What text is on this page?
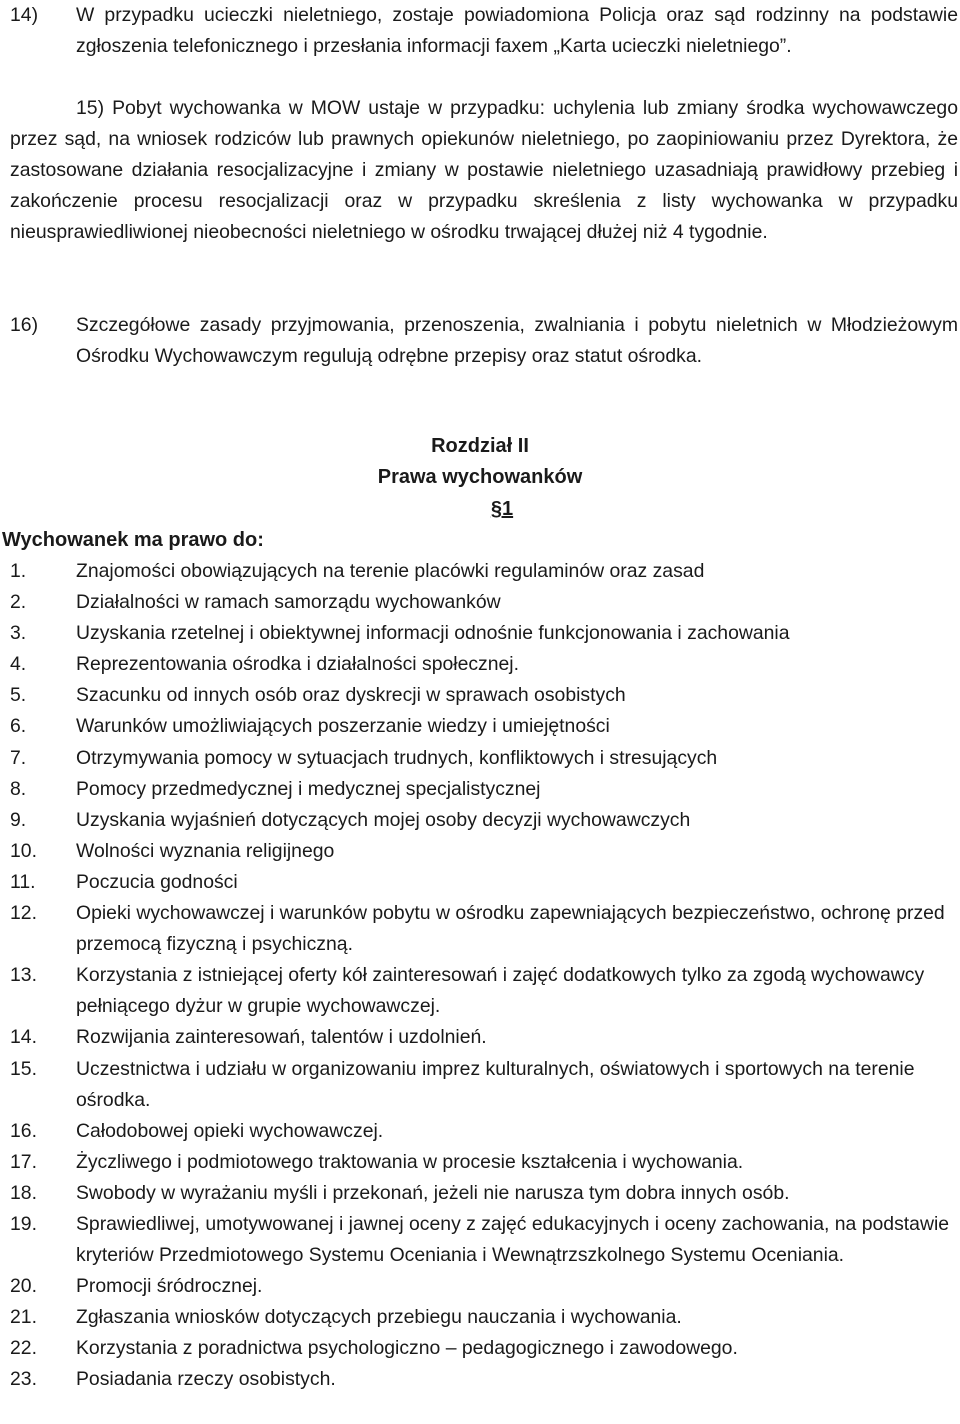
14)	W przypadku ucieczki nieletniego, zostaje powiadomiona Policja oraz sąd rodzinny na podstawie zgłoszenia telefonicznego i przesłania informacji faxem „Karta ucieczki nieletniego”.
15) Pobyt wychowanka w MOW ustaje w przypadku: uchylenia lub zmiany środka wychowawczego przez sąd, na wniosek rodziców lub prawnych opiekunów nieletniego, po zaopiniowaniu przez Dyrektora, że zastosowane działania resocjalizacyjne i zmiany w postawie nieletniego uzasadniają prawidłowy przebieg i zakończenie procesu resocjalizacji oraz w przypadku skreślenia z listy wychowanka w przypadku nieusprawiedliwionej nieobecności nieletniego w ośrodku trwającej dłużej niż 4 tygodnie.
16)	Szczegółowe zasady przyjmowania, przenoszenia, zwalniania i pobytu nieletnich w Młodzieżowym Ośrodku Wychowawczym regulują odrębne przepisy oraz statut ośrodka.
Rozdział II
Prawa wychowanków
§1
Wychowanek ma prawo do:
1.	Znajomości obowiązujących na terenie placówki regulaminów oraz zasad
2.	Działalności w ramach samorządu wychowanków
3.	Uzyskania rzetelnej i obiektywnej informacji odnośnie funkcjonowania i zachowania
4.	Reprezentowania ośrodka i działalności społecznej.
5.	Szacunku od innych osób oraz dyskrecji w sprawach osobistych
6.	Warunków umożliwiających poszerzanie wiedzy i umiejętności
7.	Otrzymywania pomocy w sytuacjach trudnych, konfliktowych i stresujących
8.	Pomocy przedmedycznej i medycznej specjalistycznej
9.	Uzyskania wyjaśnień dotyczących mojej osoby decyzji wychowawczych
10. Wolności wyznania religijnego
11. Poczucia godności
12. Opieki wychowawczej i warunków pobytu w ośrodku zapewniających bezpieczeństwo, ochronę przed przemocą fizyczną i psychiczną.
13. Korzystania z istniejącej oferty kół zainteresowań i zajęć dodatkowych tylko za zgodą wychowawcy pełniącego dyżur w grupie wychowawczej.
14. Rozwijania zainteresowań, talentów i uzdolnień.
15. Uczestnictwa i udziału w organizowaniu imprez kulturalnych, oświatowych i sportowych na terenie ośrodka.
16. Całodobowej opieki wychowawczej.
17. Życzliwego i podmiotowego traktowania w procesie kształcenia i wychowania.
18. Swobody w wyrażaniu myśli i przekonań, jeżeli nie narusza tym dobra innych osób.
19. Sprawiedliwej, umotywowanej i jawnej oceny z zajęć edukacyjnych i oceny zachowania, na podstawie kryteriów Przedmiotowego Systemu Oceniania i Wewnątrzszkolnego Systemu Oceniania.
20. Promocji śródrocznej.
21. Zgłaszania wniosków dotyczących przebiegu nauczania i wychowania.
22. Korzystania z poradnictwa psychologiczno – pedagogicznego i zawodowego.
23. Posiadania rzeczy osobistych.
